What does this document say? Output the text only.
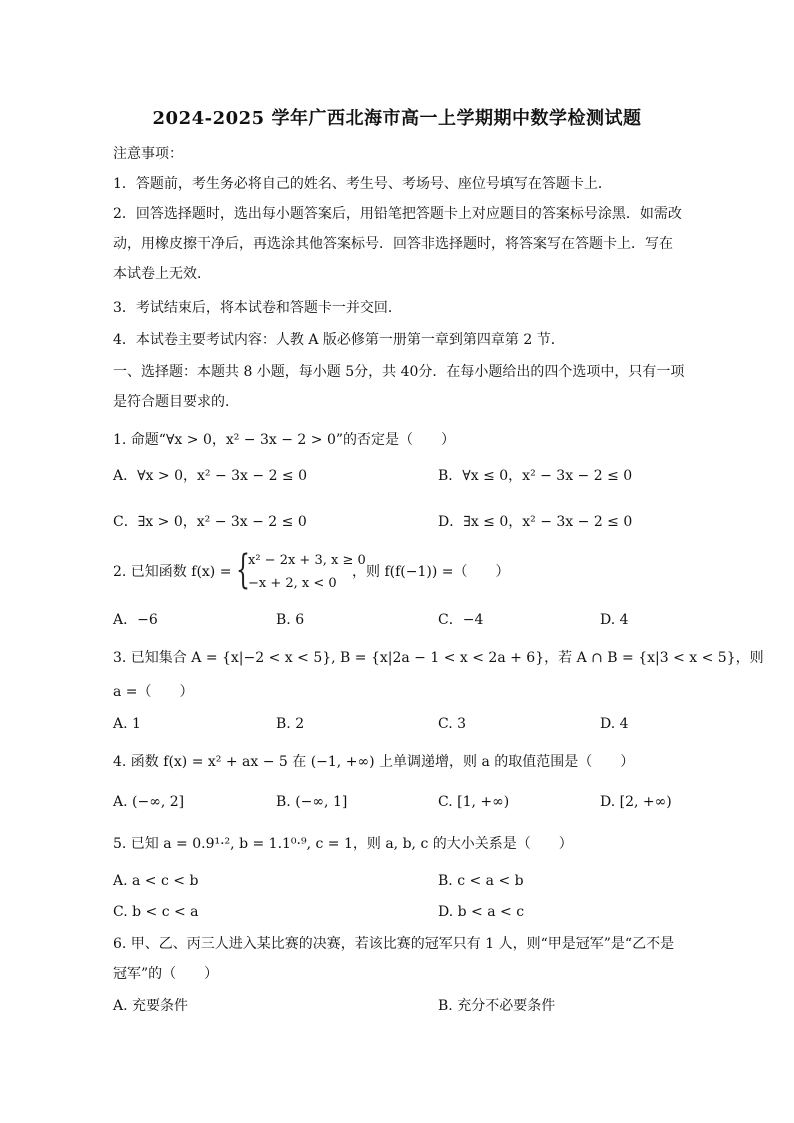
2024-2025 学年广西北海市高一上学期期中数学检测试题
注意事项：
1．答题前，考生务必将自己的姓名、考生号、考场号、座位号填写在答题卡上．
2．回答选择题时，选出每小题答案后，用铅笔把答题卡上对应题目的答案标号涂黑．如需改
动，用橡皮擦干净后，再选涂其他答案标号．回答非选择题时，将答案写在答题卡上．写在
本试卷上无效．
3．考试结束后，将本试卷和答题卡一并交回．
4．本试卷主要考试内容：人教 A 版必修第一册第一章到第四章第 2 节．
一、选择题：本题共 8 小题，每小题 5分，共 40分．在每小题给出的四个选项中，只有一项
是符合题目要求的．
1. 命题“∀x > 0，x² − 3x − 2 > 0”的否定是（　　）
A．∀x > 0，x² − 3x − 2 ≤ 0	B．∀x ≤ 0，x² − 3x − 2 ≤ 0
C．∃x > 0，x² − 3x − 2 ≤ 0	D．∃x ≤ 0，x² − 3x − 2 ≤ 0
2. 已知函数 f(x) = {
x² − 2x + 3, x ≥ 0
−x + 2, x < 0
，则 f(f(−1)) =（　　）
A．−6	B. 6	C．−4	D. 4
3. 已知集合 A = {x|−2 < x < 5}, B = {x|2a − 1 < x < 2a + 6}，若 A ∩ B = {x|3 < x < 5}，则
a =（　　）
A. 1	B. 2	C. 3	D. 4
4. 函数 f(x) = x² + ax − 5 在 (−1, +∞) 上单调递增，则 a 的取值范围是（　　）
A. (−∞, 2]	B. (−∞, 1]	C. [1, +∞)	D. [2, +∞)
5. 已知 a = 0.9¹·², b = 1.1⁰·⁹, c = 1，则 a, b, c 的大小关系是（　　）
A. a < c < b	B. c < a < b
C. b < c < a	D. b < a < c
6. 甲、乙、丙三人进入某比赛的决赛，若该比赛的冠军只有 1 人，则“甲是冠军”是“乙不是
冠军”的（　　）
A. 充要条件	B. 充分不必要条件
